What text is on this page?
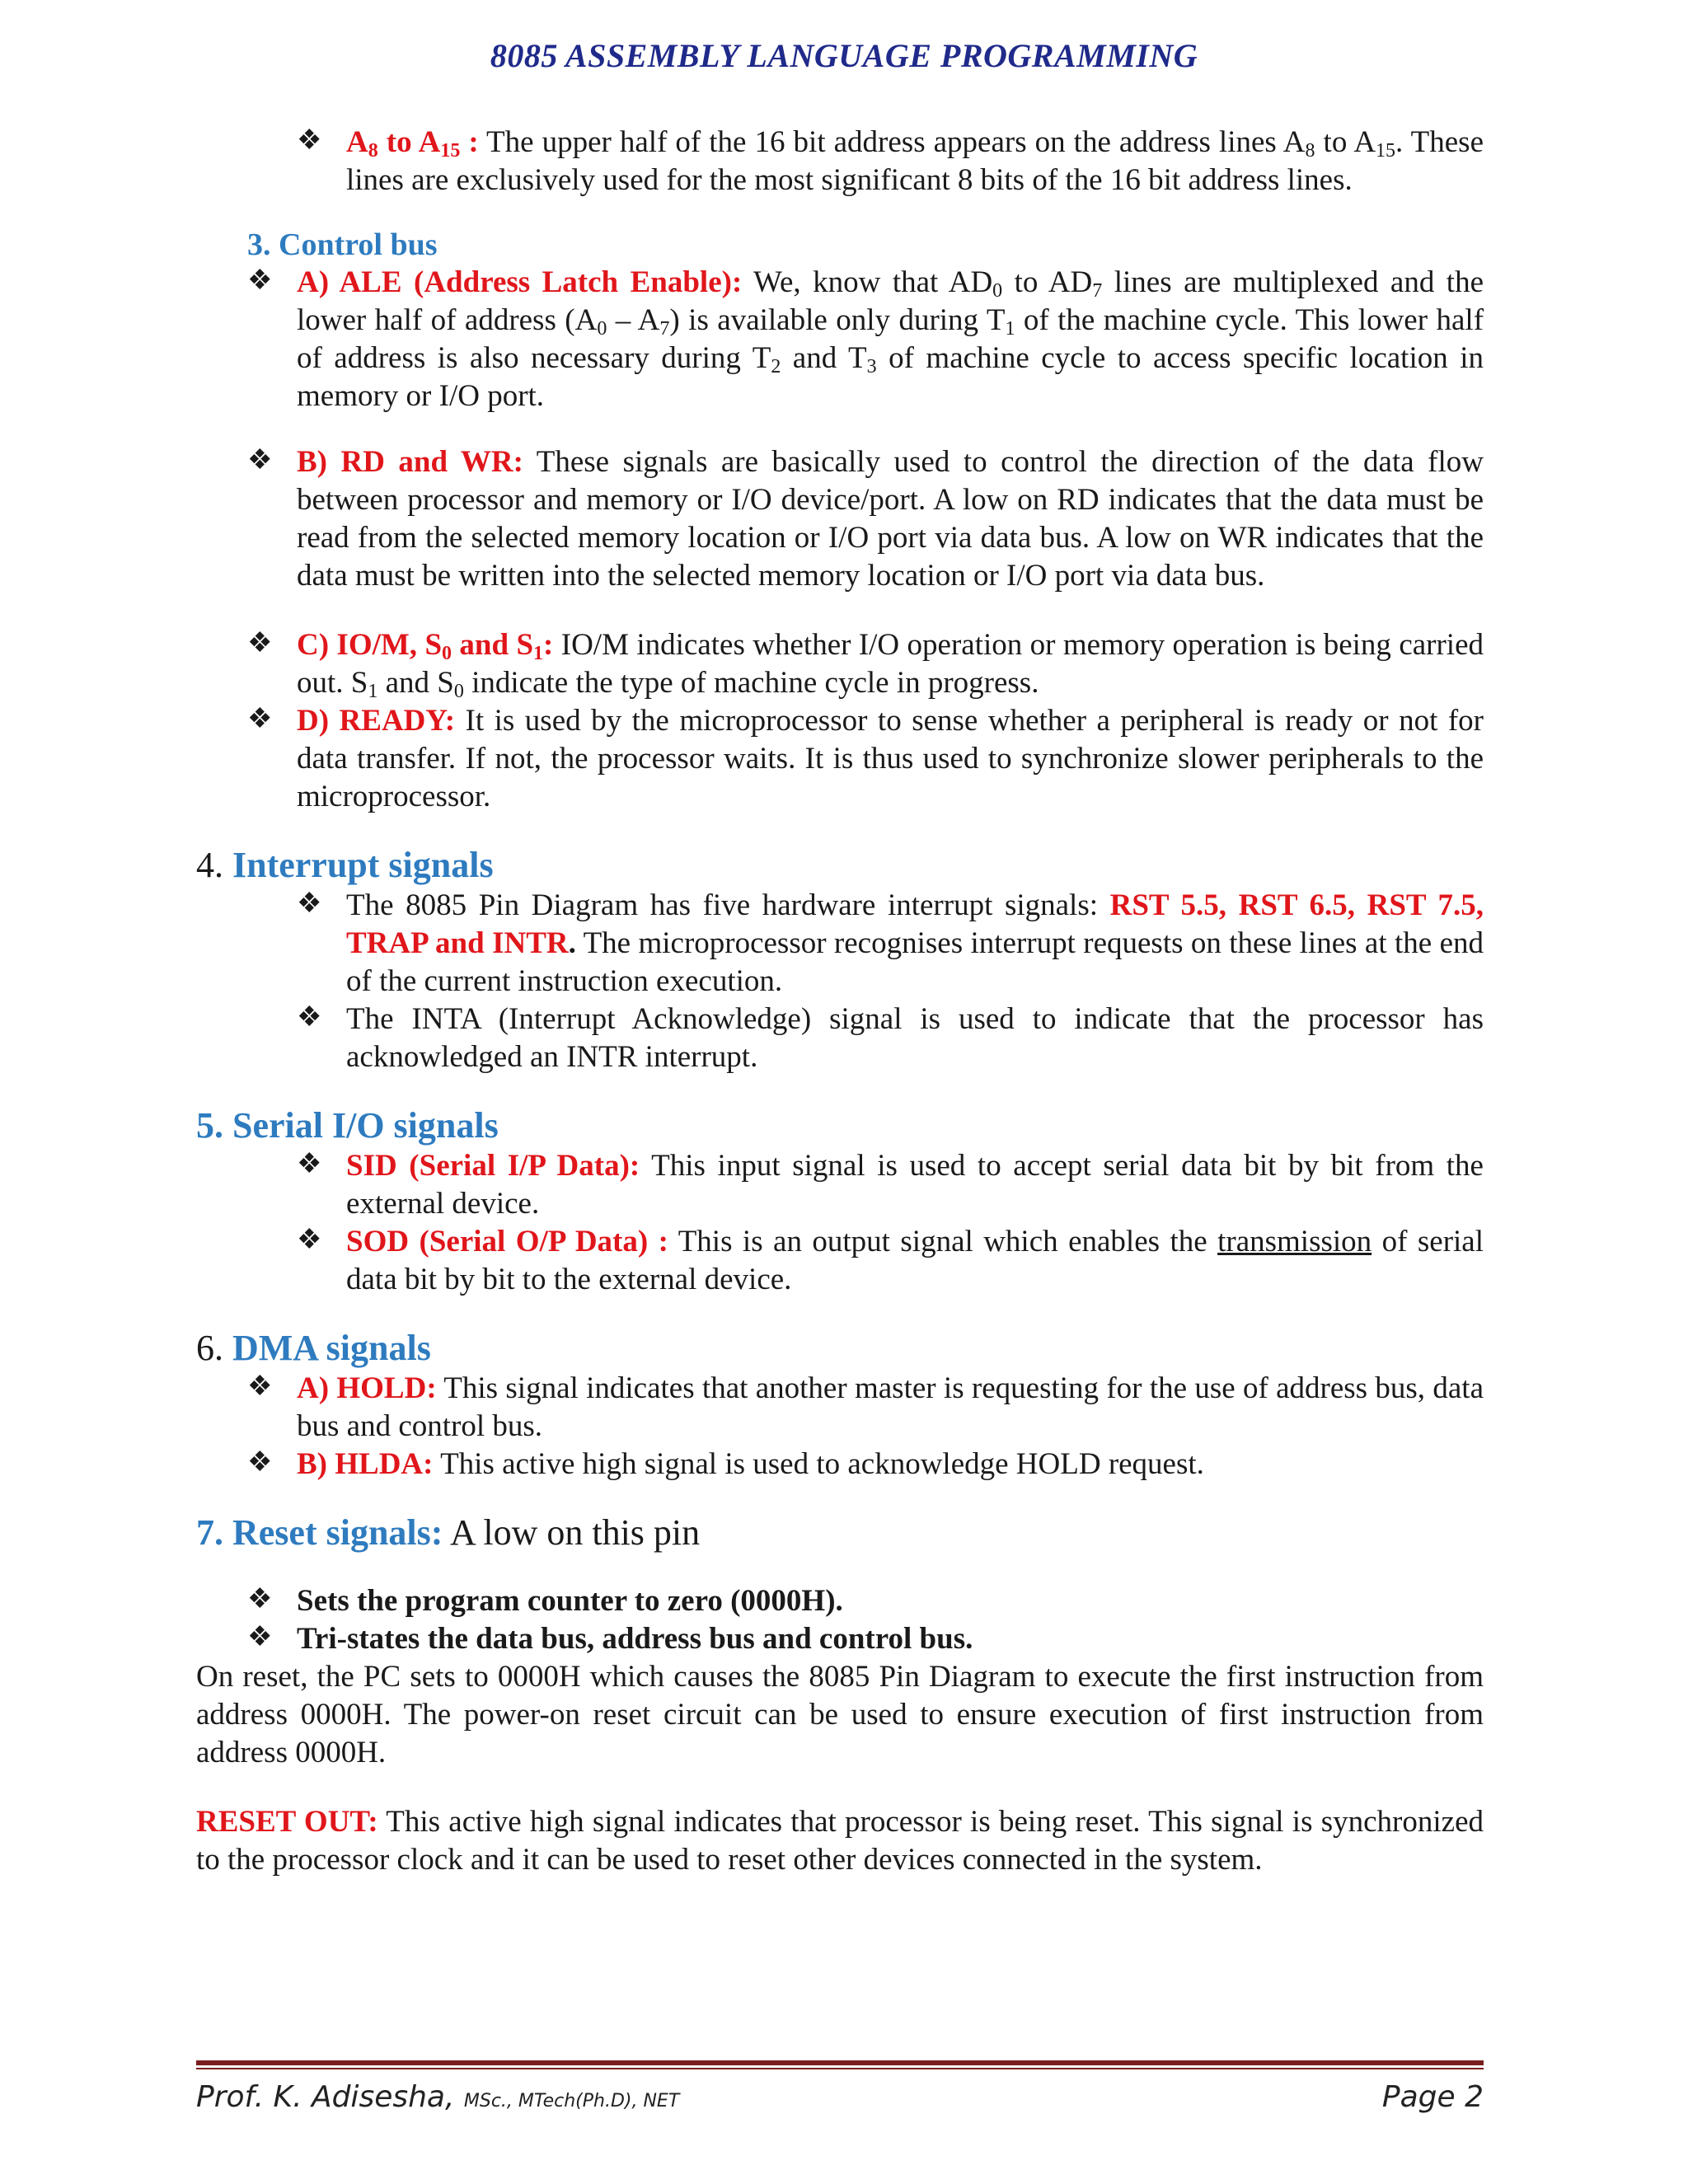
8085 ASSEMBLY LANGUAGE PROGRAMMING
❖ $A_8$ to $A_{15}$ : The upper half of the 16 bit address appears on the address lines $A_8$ to $A_{15}$. These lines are exclusively used for the most significant 8 bits of the 16 bit address lines.

3. Control bus

❖ A) ALE (Address Latch Enable): We, know that $AD_0$ to $AD_7$ lines are multiplexed and the lower half of address $(A_0 - A_7)$ is available only during $T_1$ of the machine cycle. This lower half of address is also necessary during $T_2$ and $T_3$ of machine cycle to access specific location in memory or I/O port.

❖ B) RD and WR: These signals are basically used to control the direction of the data flow between processor and memory or I/O device/port. A low on RD indicates that the data must be read from the selected memory location or I/O port via data bus. A low on WR indicates that the data must be written into the selected memory location or I/O port via data bus.

❖ C) IO/M, $S_0$ and $S_1$: IO/M indicates whether I/O operation or memory operation is being carried out. $S_1$ and $S_0$ indicate the type of machine cycle in progress.

❖ D) READY: It is used by the microprocessor to sense whether a peripheral is ready or not for data transfer. If not, the processor waits. It is thus used to synchronize slower peripherals to the microprocessor.

4. Interrupt signals

❖ The 8085 Pin Diagram has five hardware interrupt signals: RST 5.5, RST 6.5, RST 7.5, TRAP and INTR. The microprocessor recognises interrupt requests on these lines at the end of the current instruction execution.

❖ The INTA (Interrupt Acknowledge) signal is used to indicate that the processor has acknowledged an INTR interrupt.

5. Serial I/O signals

❖ SID (Serial I/P Data): This input signal is used to accept serial data bit by bit from the external device.

❖ SOD (Serial O/P Data) : This is an output signal which enables the transmission of serial data bit by bit to the external device.

6. DMA signals

❖ A) HOLD: This signal indicates that another master is requesting for the use of address bus, data bus and control bus.

❖ B) HLDA: This active high signal is used to acknowledge HOLD request.

7. Reset signals: A low on this pin

❖ Sets the program counter to zero (0000H).

❖ Tri-states the data bus, address bus and control bus.

On reset, the PC sets to 0000H which causes the 8085 Pin Diagram to execute the first instruction from address 0000H. The power-on reset circuit can be used to ensure execution of first instruction from address 0000H.

RESET OUT: This active high signal indicates that processor is being reset. This signal is synchronized to the processor clock and it can be used to reset other devices connected in the system.

Prof. K. Adisesha, MSc., MTech(Ph.D), NET	Page 2
